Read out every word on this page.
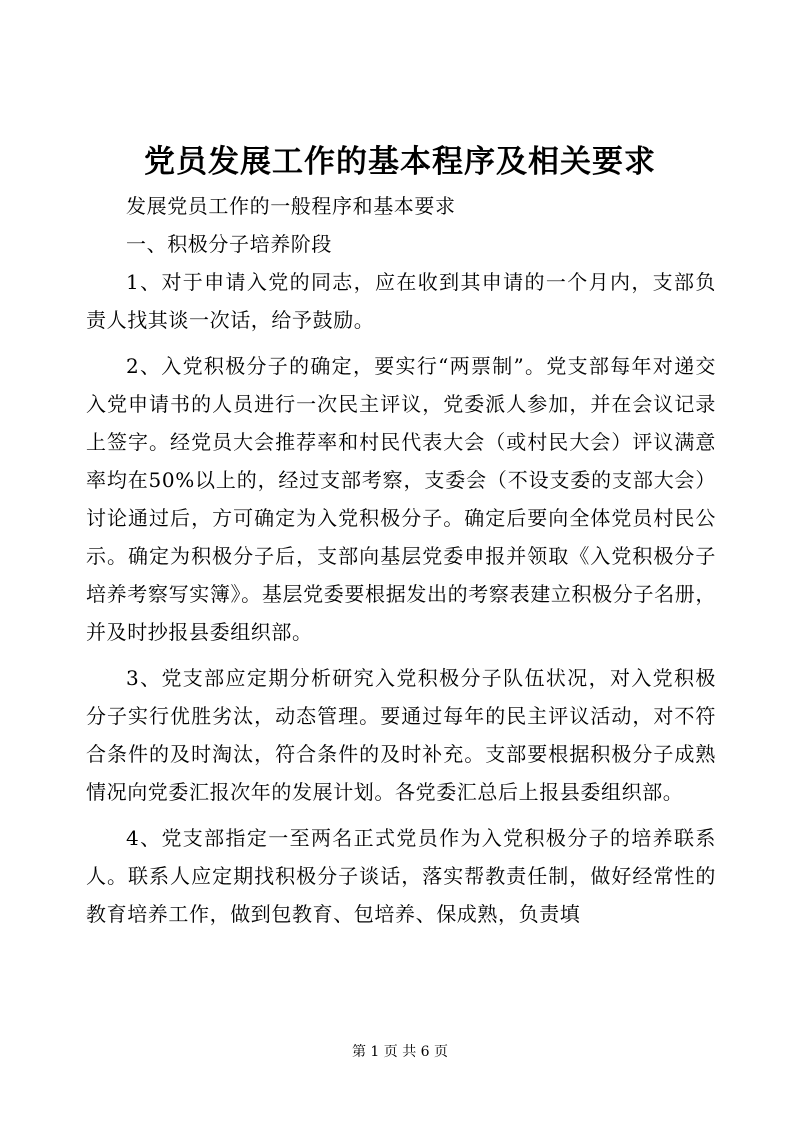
党员发展工作的基本程序及相关要求

发展党员工作的一般程序和基本要求

一、积极分子培养阶段

1、对于申请入党的同志，应在收到其申请的一个月内，支部负责人找其谈一次话，给予鼓励。

2、入党积极分子的确定，要实行“两票制”。党支部每年对递交入党申请书的人员进行一次民主评议，党委派人参加，并在会议记录上签字。经党员大会推荐率和村民代表大会（或村民大会）评议满意率均在50%以上的，经过支部考察，支委会（不设支委的支部大会）讨论通过后，方可确定为入党积极分子。确定后要向全体党员村民公示。确定为积极分子后，支部向基层党委申报并领取《入党积极分子培养考察写实簿》。基层党委要根据发出的考察表建立积极分子名册，并及时抄报县委组织部。

3、党支部应定期分析研究入党积极分子队伍状况，对入党积极分子实行优胜劣汰，动态管理。要通过每年的民主评议活动，对不符合条件的及时淘汰，符合条件的及时补充。支部要根据积极分子成熟情况向党委汇报次年的发展计划。各党委汇总后上报县委组织部。

4、党支部指定一至两名正式党员作为入党积极分子的培养联系人。联系人应定期找积极分子谈话，落实帮教责任制，做好经常性的教育培养工作，做到包教育、包培养、保成熟，负责填

第 1 页 共 6 页
